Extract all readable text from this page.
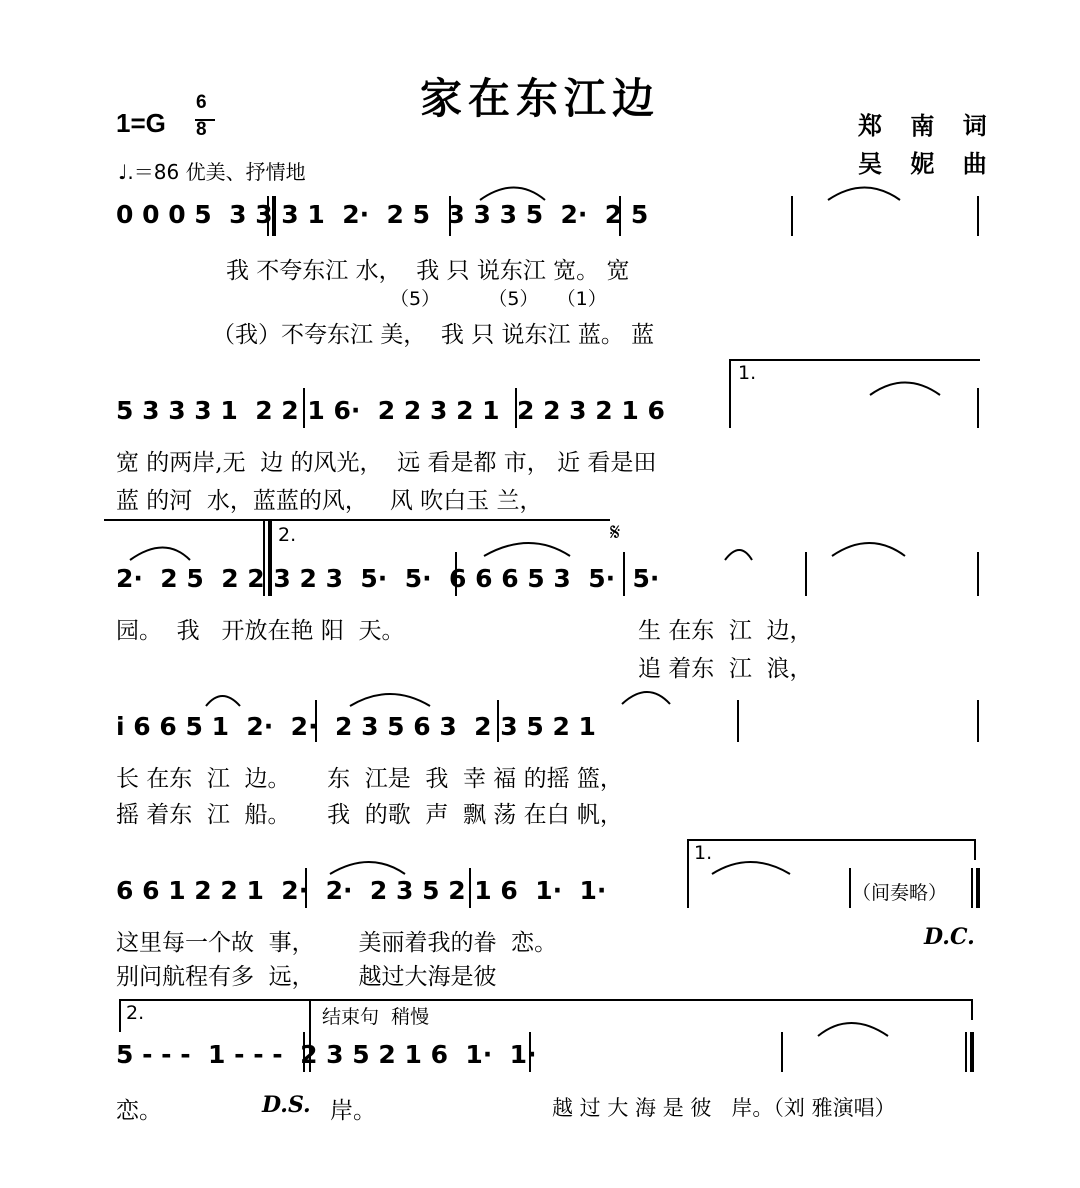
家在东江边
郑 南 词
吴 妮 曲
1=G
6
8
♩.＝86 优美、抒情地
0 0 0 5  3 3 3 1  2·  2 5  3 3 3 5  2·  2 5
我 不夸东江 水，  我 只 说东江 宽。 宽
（5）        （5）   （1）
（我）不夸东江 美，  我 只 说东江 蓝。 蓝
1.
5 3 3 3 1  2 2 1 6·  2 2 3 2 1  2 2 3 2 1 6
宽 的两岸,无  边 的风光，  远 看是都 市， 近 看是田
蓝 的河  水，蓝蓝的风，   风 吹白玉 兰，
2.	𝄋
2·  2 5  2 2 3 2 3  5·  5·  6 6 6 5 3  5·  5·
园。  我   开放在艳 阳  天。	生 在东  江  边，
追 着东  江  浪，
i 6 6 5 1  2·  2·  2 3 5 6 3  2 3 5 2 1
长 在东  江  边。     东  江是  我  幸 福 的摇 篮，
摇 着东  江  船。     我  的歌  声  飘 荡 在白 帆，
1.
6 6 1 2 2 1  2·  2·  2 3 5 2 1 6  1·  1·	（间奏略）
这里每一个故  事，      美丽着我的眷  恋。	D.C.
别问航程有多  远，      越过大海是彼
2.	结束句  稍慢
5 - - -  1 - - -  2 3 5 2 1 6  1·  1·
恋。	D.S. 岸。	越 过 大 海 是 彼   岸。（刘 雅演唱）
